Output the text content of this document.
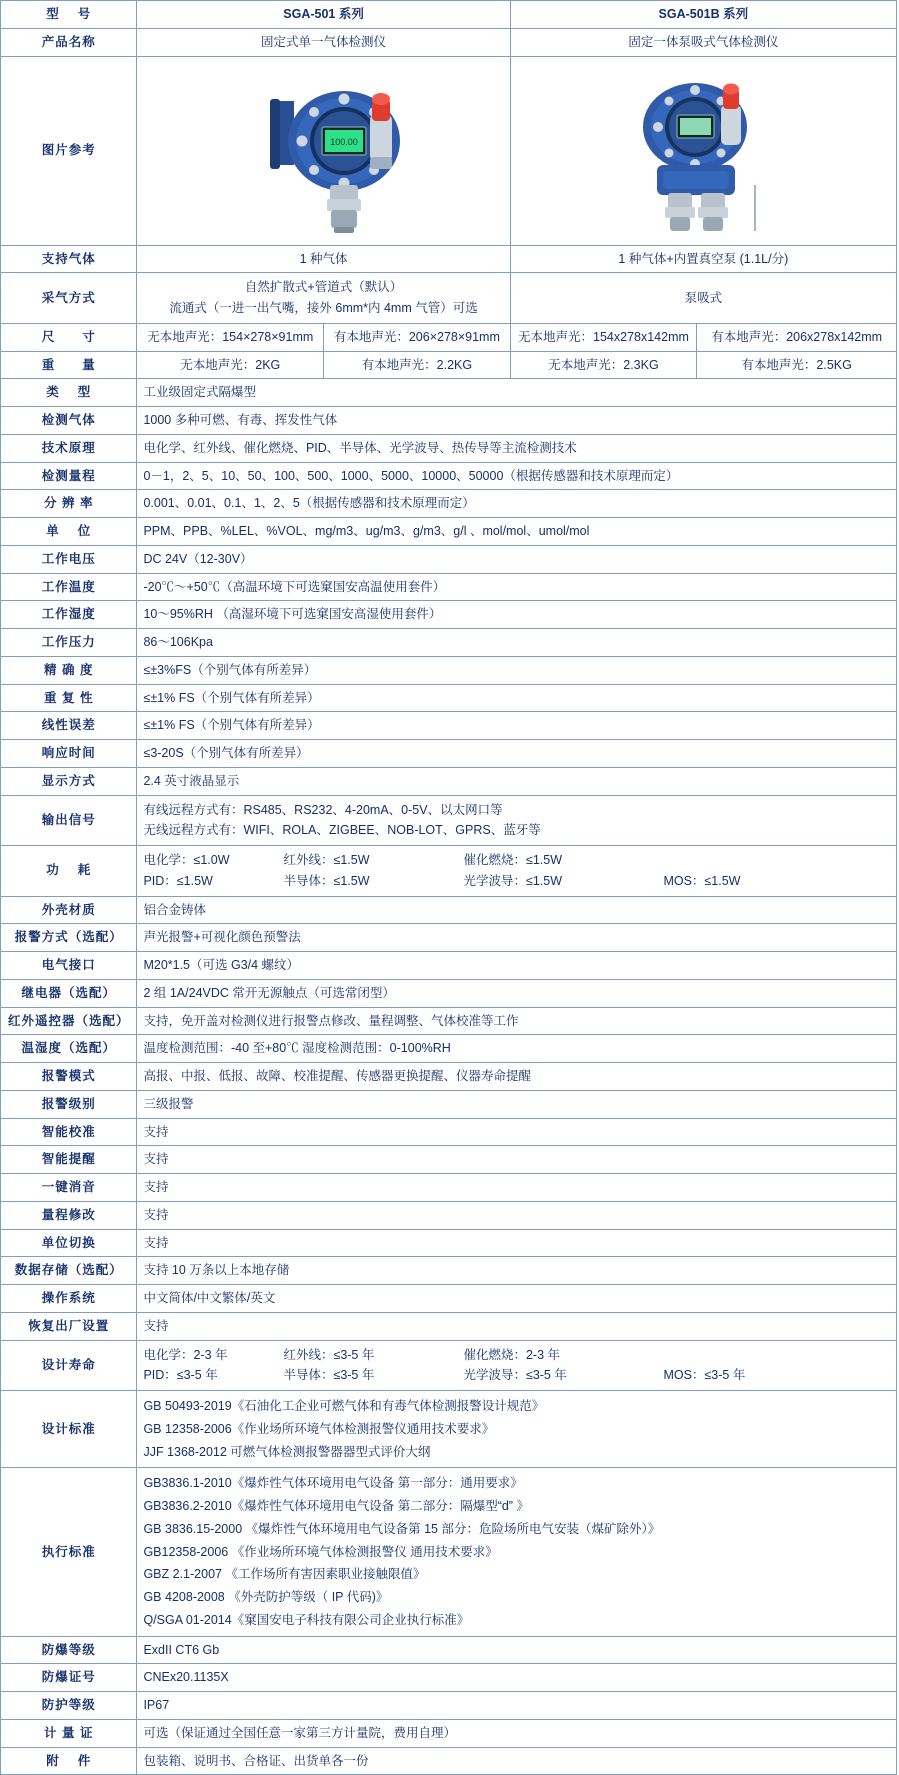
型　 号	SGA-501 系列		SGA-501B 系列	
产品名称	固定式单一气体检测仪		固定一体泵吸式气体检测仪	
图片参考	100.00

支持气体	1 种气体		1 种气体+内置真空泵 (1.1L/分)	
采气方式	自然扩散式+管道式（默认）
流通式（一进一出气嘴，接外 6mm*内 4mm 气管）可选		泵吸式	
尺　　寸	无本地声光：154×278×91mm	有本地声光：206×278×91mm	无本地声光：154x278x142mm	有本地声光：206x278x142mm
重　　量	无本地声光：2KG	有本地声光：2.2KG	无本地声光：2.3KG	有本地声光：2.5KG
类　 型	工业级固定式隔爆型			
检测气体	1000 多种可燃、有毒、挥发性气体			
技术原理	电化学、红外线、催化燃烧、PID、半导体、光学波导、热传导等主流检测技术			
检测量程	0－1，2、5、10、50、100、500、1000、5000、10000、50000（根据传感器和技术原理而定）			
分 辨 率	0.001、0.01、0.1、1、2、5（根据传感器和技术原理而定）			
单　 位	PPM、PPB、%LEL、%VOL、mg/m3、ug/m3、g/m3、g/l 、mol/mol、umol/mol			
工作电压	DC 24V（12-30V）			
工作温度	-20℃～+50℃（高温环境下可选窠国安高温使用套件）			
工作湿度	10～95%RH （高湿环境下可选窠国安高湿使用套件）			
工作压力	86～106Kpa			
精 确 度	≤±3%FS（个别气体有所差异）			
重 复 性	≤±1% FS（个别气体有所差异）			
线性误差	≤±1% FS（个别气体有所差异）			
响应时间	≤3-20S（个别气体有所差异）			
显示方式	2.4 英寸液晶显示			
输出信号	有线远程方式有：RS485、RS232、4-20mA、0-5V、以太网口等
无线远程方式有：WIFI、ROLA、ZIGBEE、NOB-LOT、GPRS、蓝牙等			

功　 耗	
电化学：≤1.0W	红外线：≤1.5W	催化燃烧：≤1.5W
PID：≤1.5W	半导体：≤1.5W	光学波导：≤1.5W	MOS：≤1.5W

外壳材质	铝合金铸体			
报警方式（选配）	声光报警+可视化颜色预警法			
电气接口	M20*1.5（可选 G3/4 螺纹）			
继电器（选配）	2 组 1A/24VDC 常开无源触点（可选常闭型）			
红外遥控器（选配）	支持，免开盖对检测仪进行报警点修改、量程调整、气体校准等工作			
温湿度（选配）	温度检测范围：-40 至+80℃ 湿度检测范围：0-100%RH			
报警模式	高报、中报、低报、故障、校准提醒、传感器更换提醒、仪器寿命提醒			
报警级别	三级报警			
智能校准	支持			
智能提醒	支持			
一键消音	支持			
量程修改	支持			
单位切换	支持			
数据存储（选配）	支持 10 万条以上本地存储			
操作系统	中文简体/中文繁体/英文			
恢复出厂设置	支持			
设计寿命	
电化学：2-3 年	红外线：≤3-5 年	催化燃烧：2-3 年
PID：≤3-5 年	半导体：≤3-5 年	光学波导：≤3-5 年	MOS：≤3-5 年

设计标准	GB 50493-2019《石油化工企业可燃气体和有毒气体检测报警设计规范》
GB 12358-2006《作业场所环境气体检测报警仪通用技术要求》
JJF 1368-2012 可燃气体检测报警器器型式评价大纲			

执行标准	
GB3836.1-2010《爆炸性气体环境用电气设备 第一部分：通用要求》
GB3836.2-2010《爆炸性气体环境用电气设备 第二部分：隔爆型“d” 》
GB 3836.15-2000 《爆炸性气体环境用电气设备第 15 部分：危险场所电气安装（煤矿除外）》
GB12358-2006 《作业场所环境气体检测报警仪 通用技术要求》
GBZ 2.1-2007 《工作场所有害因素职业接触限值》
GB 4208-2008 《外壳防护等级（ IP 代码)》
Q/SGA 01-2014《窠国安电子科技有限公司企业执行标准》

防爆等级	ExdII CT6 Gb			
防爆证号	CNEx20.1135X			
防护等级	IP67			
计 量 证	可选（保证通过全国任意一家第三方计量院，费用自理）			
附　 件	包装箱、说明书、合格证、出货单各一份			
